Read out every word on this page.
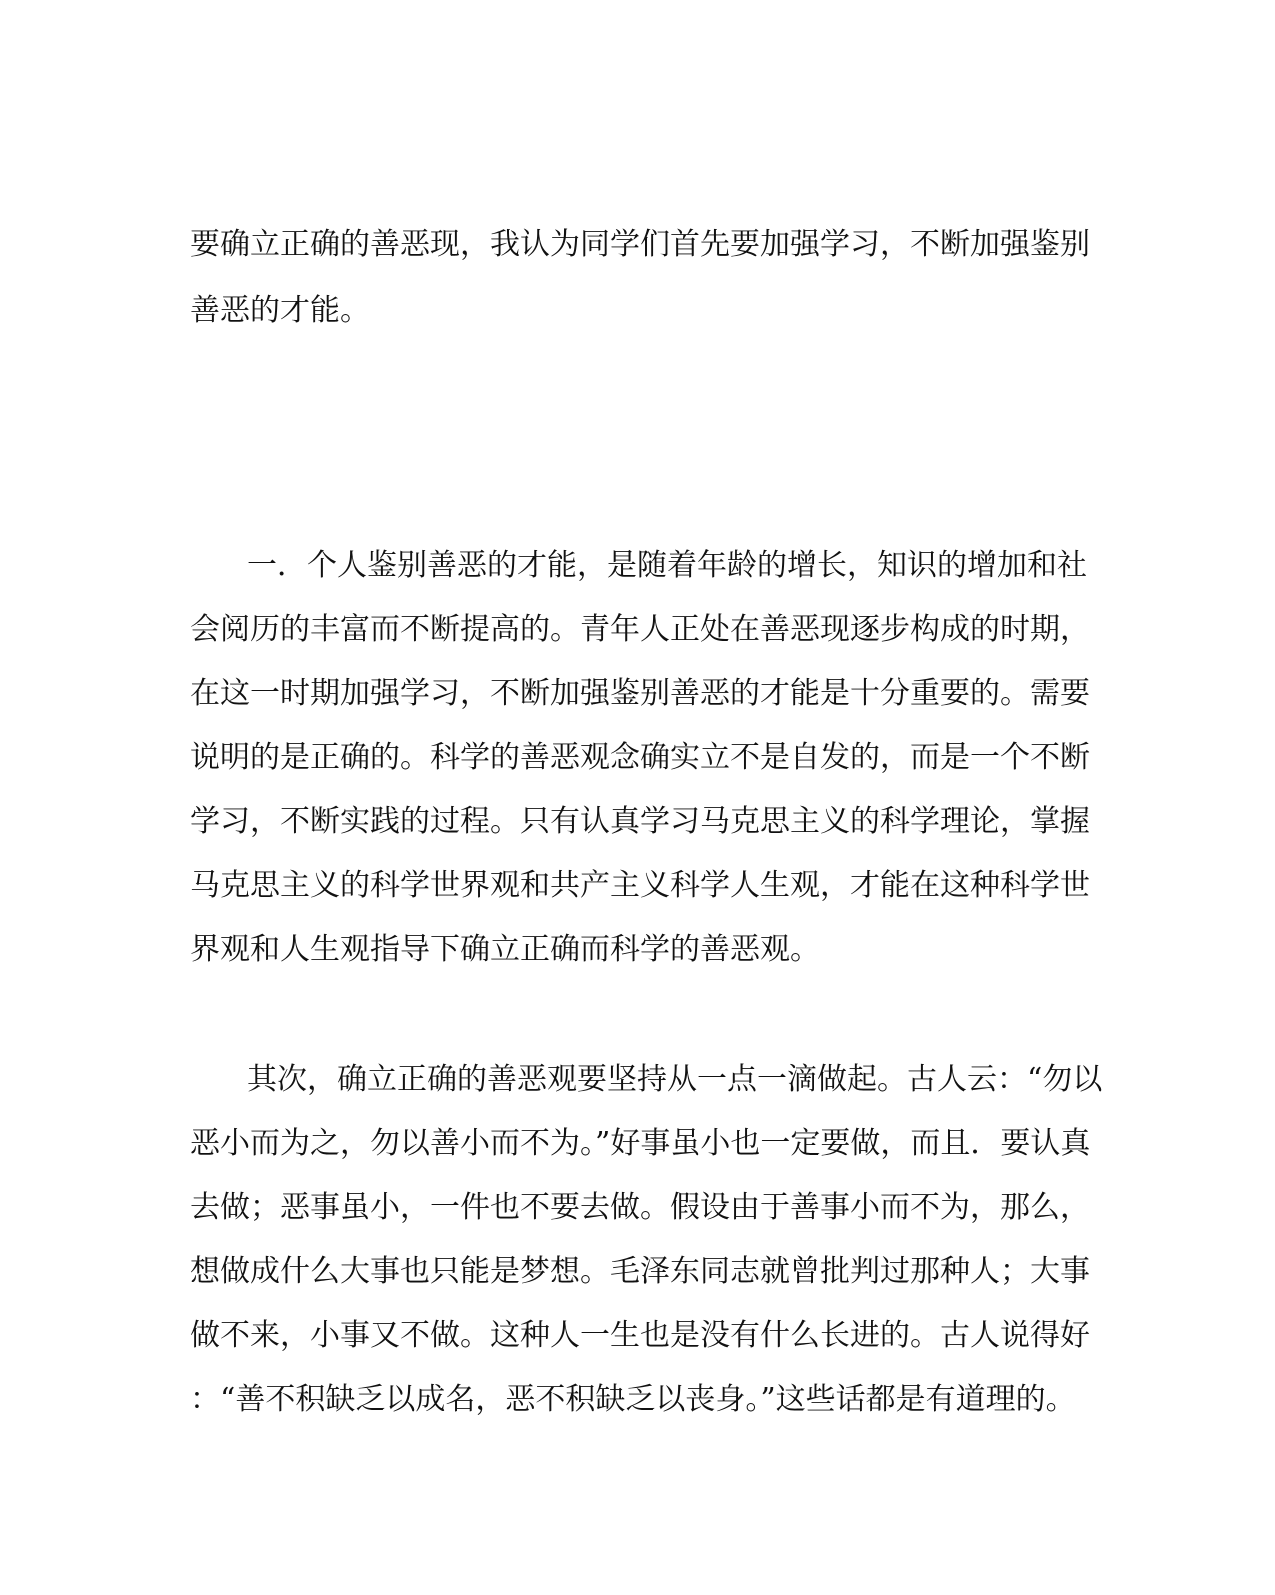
要确立正确的善恶现，我认为同学们首先要加强学习，不断加强鉴别
善恶的才能。
一．个人鉴别善恶的才能，是随着年龄的增长，知识的增加和社
会阅历的丰富而不断提高的。青年人正处在善恶现逐步构成的时期，
在这一时期加强学习，不断加强鉴别善恶的才能是十分重要的。需要
说明的是正确的。科学的善恶观念确实立不是自发的，而是一个不断
学习，不断实践的过程。只有认真学习马克思主义的科学理论，掌握
马克思主义的科学世界观和共产主义科学人生观，才能在这种科学世
界观和人生观指导下确立正确而科学的善恶观。
其次，确立正确的善恶观要坚持从一点一滴做起。古人云：“勿以
恶小而为之，勿以善小而不为。”好事虽小也一定要做，而且．要认真
去做；恶事虽小，一件也不要去做。假设由于善事小而不为，那么，
想做成什么大事也只能是梦想。毛泽东同志就曾批判过那种人；大事
做不来，小事又不做。这种人一生也是没有什么长进的。古人说得好
：“善不积缺乏以成名，恶不积缺乏以丧身。”这些话都是有道理的。
